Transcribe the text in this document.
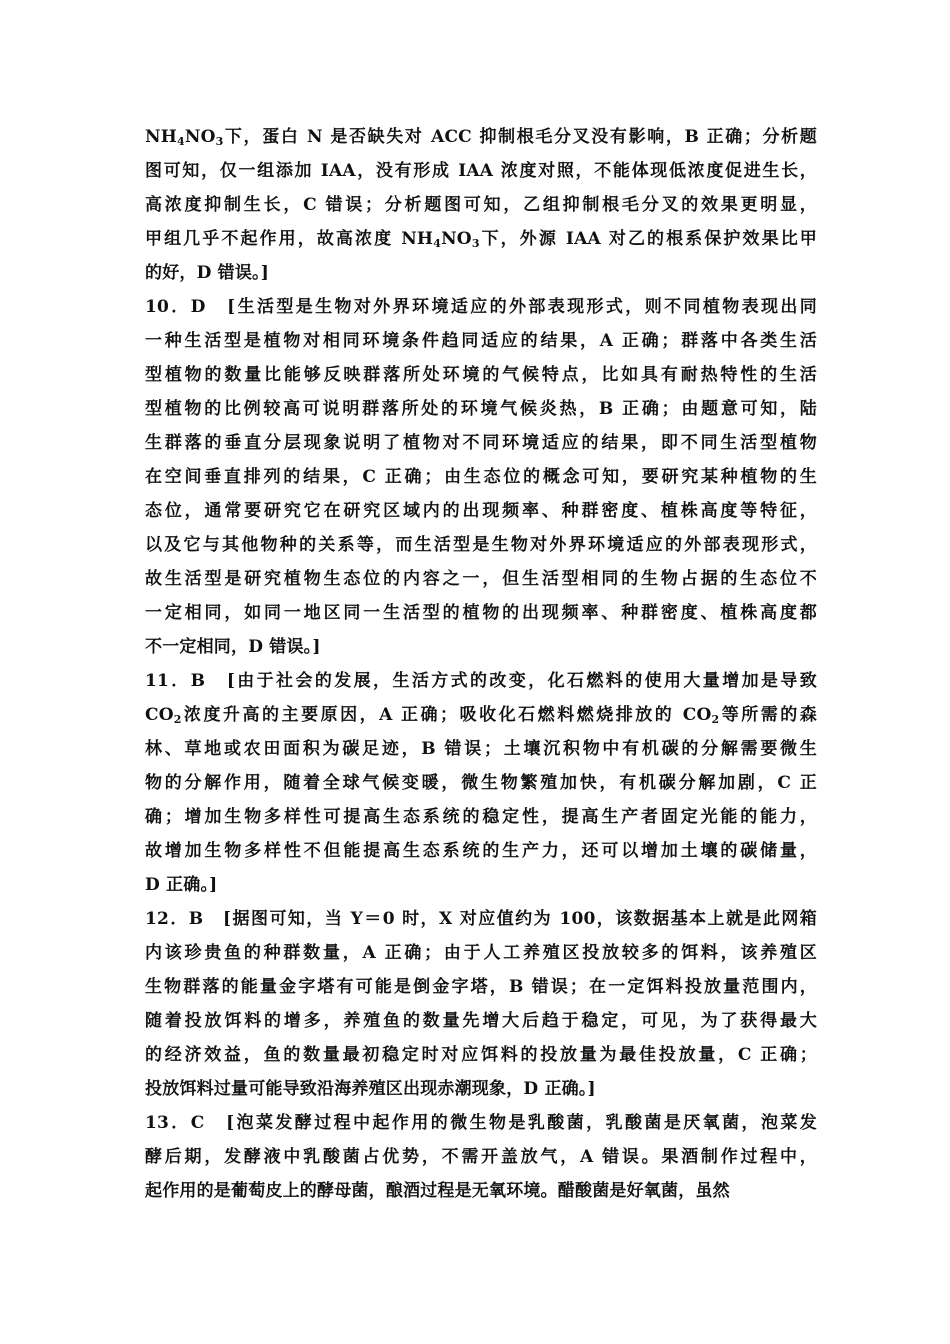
NH4NO3下，蛋白 N 是否缺失对 ACC 抑制根毛分叉没有影响，B 正确；分析题
图可知，仅一组添加 IAA，没有形成 IAA 浓度对照，不能体现低浓度促进生长，
高浓度抑制生长，C 错误；分析题图可知，乙组抑制根毛分叉的效果更明显，
甲组几乎不起作用，故高浓度 NH4NO3下，外源 IAA 对乙的根系保护效果比甲
的好，D 错误。]
10．D　[生活型是生物对外界环境适应的外部表现形式，则不同植物表现出同
一种生活型是植物对相同环境条件趋同适应的结果，A 正确；群落中各类生活
型植物的数量比能够反映群落所处环境的气候特点，比如具有耐热特性的生活
型植物的比例较高可说明群落所处的环境气候炎热，B 正确；由题意可知，陆
生群落的垂直分层现象说明了植物对不同环境适应的结果，即不同生活型植物
在空间垂直排列的结果，C 正确；由生态位的概念可知，要研究某种植物的生
态位，通常要研究它在研究区域内的出现频率、种群密度、植株高度等特征，
以及它与其他物种的关系等，而生活型是生物对外界环境适应的外部表现形式，
故生活型是研究植物生态位的内容之一，但生活型相同的生物占据的生态位不
一定相同，如同一地区同一生活型的植物的出现频率、种群密度、植株高度都
不一定相同，D 错误。]
11．B　[由于社会的发展，生活方式的改变，化石燃料的使用大量增加是导致
CO2浓度升高的主要原因，A 正确；吸收化石燃料燃烧排放的 CO2等所需的森
林、草地或农田面积为碳足迹，B 错误；土壤沉积物中有机碳的分解需要微生
物的分解作用，随着全球气候变暖，微生物繁殖加快，有机碳分解加剧，C 正
确；增加生物多样性可提高生态系统的稳定性，提高生产者固定光能的能力，
故增加生物多样性不但能提高生态系统的生产力，还可以增加土壤的碳储量，
D 正确。]
12．B　[据图可知，当 Y＝0 时，X 对应值约为 100，该数据基本上就是此网箱
内该珍贵鱼的种群数量，A 正确；由于人工养殖区投放较多的饵料，该养殖区
生物群落的能量金字塔有可能是倒金字塔，B 错误；在一定饵料投放量范围内，
随着投放饵料的增多，养殖鱼的数量先增大后趋于稳定，可见，为了获得最大
的经济效益，鱼的数量最初稳定时对应饵料的投放量为最佳投放量，C 正确；
投放饵料过量可能导致沿海养殖区出现赤潮现象，D 正确。]
13．C　[泡菜发酵过程中起作用的微生物是乳酸菌，乳酸菌是厌氧菌，泡菜发
酵后期，发酵液中乳酸菌占优势，不需开盖放气，A 错误。果酒制作过程中，
起作用的是葡萄皮上的酵母菌，酿酒过程是无氧环境。醋酸菌是好氧菌，虽然
